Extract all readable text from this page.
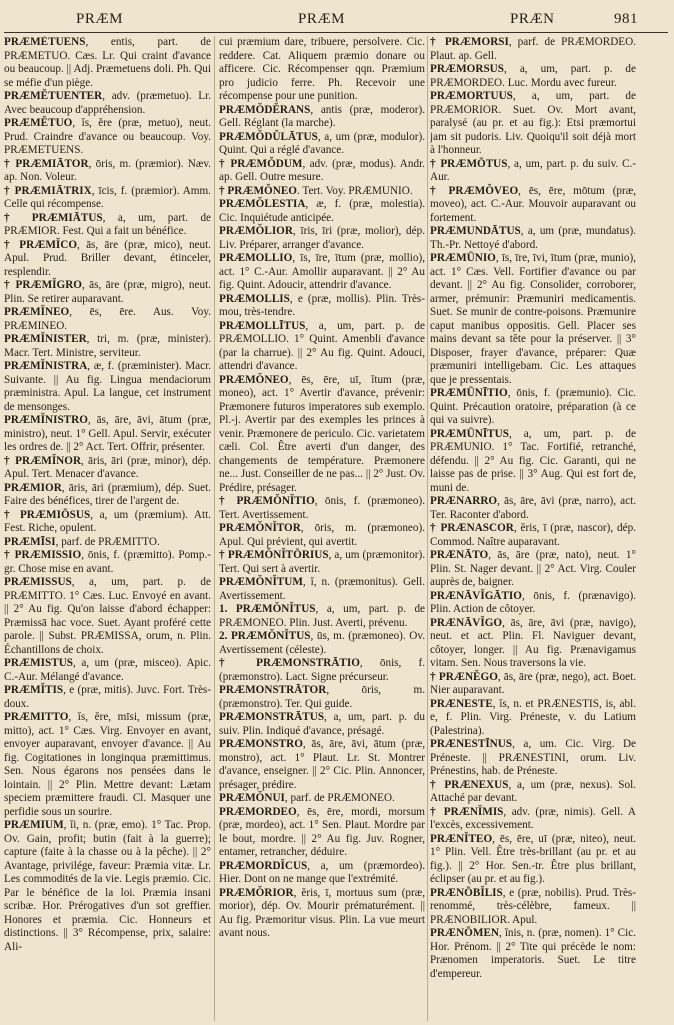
PRÆM	PRÆM	PRÆN	981

PRÆMĔTUENS, entis, part. de PRÆMETUO. Cæs. Lr. Qui craint d'avance ou beaucoup. || Adj. Præmetuens doli. Ph. Qui se méfie d'un piège.

PRÆMĔTUENTER, adv. (præmetuo). Lr. Avec beaucoup d'appréhension.

PRÆMĔTUO, ĭs, ĕre (præ, metuo), neut. Prud. Craindre d'avance ou beaucoup. Voy. PRÆMETUENS.

† PRÆMIĀTOR, ōris, m. (præmior). Næv. ap. Non. Voleur.

† PRÆMIĀTRIX, īcis, f. (præmior). Amm. Celle qui récompense.

† PRÆMIĀTUS, a, um, part. de PRÆMIOR. Fest. Qui a fait un bénéfice.

† PRÆMĬCO, ās, āre (præ, mico), neut. Apul. Prud. Briller devant, étinceler, resplendir.

† PRÆMĬGRO, ās, āre (præ, migro), neut. Plin. Se retirer auparavant.

PRÆMĬNEO, ēs, ēre. Aus. Voy. PRÆMINEO.

PRÆMĬNISTER, tri, m. (præ, minister). Macr. Tert. Ministre, serviteur.

PRÆMĬNISTRA, æ, f. (præminister). Macr. Suivante. || Au fig. Lingua mendaciorum præministra. Apul. La langue, cet instrument de mensonges.

PRÆMĬNISTRO, ās, āre, āvi, ātum (præ, ministro), neut. 1° Gell. Apul. Servir, exécuter les ordres de. || 2° Act. Tert. Offrir, présenter.

† PRÆMĬNOR, āris, āri (præ, minor), dép. Apul. Tert. Menacer d'avance.

PRÆMIOR, āris, āri (præmium), dép. Suet. Faire des bénéfices, tirer de l'argent de.

† PRÆMIŌSUS, a, um (præmium). Att. Fest. Riche, opulent.

PRÆMĪSI, parf. de PRÆMITTO.

† PRÆMISSIO, ōnis, f. (præmitto). Pomp.-gr. Chose mise en avant.

PRÆMISSUS, a, um, part. p. de PRÆMITTO. 1° Cæs. Luc. Envoyé en avant. || 2° Au fig. Qu'on laisse d'abord échapper: Præmissā hac voce. Suet. Ayant proféré cette parole. || Subst. PRÆMISSA, orum, n. Plin. Échantillons de choix.

PRÆMISTUS, a, um (præ, misceo). Apic. C.-Aur. Mélangé d'avance.

PRÆMĬTIS, e (præ, mitis). Juvc. Fort. Très-doux.

PRÆMITTO, ĭs, ĕre, mīsi, missum (præ, mitto), act. 1° Cæs. Virg. Envoyer en avant, envoyer auparavant, envoyer d'avance. || Au fig. Cogitationes in longinqua præmittimus. Sen. Nous égarons nos pensées dans le lointain. || 2° Plin. Mettre devant: Lætam speciem præmittere fraudi. Cl. Masquer une perfidie sous un sourire.

PRÆMIUM, ĭi, n. (præ, emo). 1° Tac. Prop. Ov. Gain, profit; butin (fait à la guerre); capture (faite à la chasse ou à la pêche). || 2° Avantage, privilége, faveur: Præmia vitæ. Lr. Les commodités de la vie. Legis præmio. Cic. Par le bénéfice de la loi. Præmia insani scribæ. Hor. Prérogatives d'un sot greffier. Honores et præmia. Cic. Honneurs et distinctions. || 3° Récompense, prix, salaire: Ali-

cui præmium dare, tribuere, persolvere. Cic. reddere. Cat. Aliquem præmio donare ou afficere. Cic. Récompenser qqn. Præmium pro judicio ferre. Ph. Recevoir une récompense pour une punition.

PRÆMŎDĔRANS, antis (præ, moderor). Gell. Réglant (la marche).

PRÆMŎDŬLĀTUS, a, um (præ, modulor). Quint. Qui a réglé d'avance.

† PRÆMŎDUM, adv. (præ, modus). Andr. ap. Gell. Outre mesure.

† PRÆMŎNEO. Tert. Voy. PRÆMUNIO.

PRÆMŎLESTIA, æ, f. (præ, molestia). Cic. Inquiétude anticipée.

PRÆMŎLIOR, īris, īri (præ, molior), dép. Liv. Préparer, arranger d'avance.

PRÆMOLLIO, īs, īre, ītum (præ, mollio), act. 1° C.-Aur. Amollir auparavant. || 2° Au fig. Quint. Adoucir, attendrir d'avance.

PRÆMOLLIS, e (præ, mollis). Plin. Très-mou, très-tendre.

PRÆMOLLĪTUS, a, um, part. p. de PRÆMOLLIO. 1° Quint. Amenbli d'avance (par la charrue). || 2° Au fig. Quint. Adouci, attendri d'avance.

PRÆMŎNEO, ēs, ēre, uī, ĭtum (præ, moneo), act. 1° Avertir d'avance, prévenir: Præmonere futuros imperatores sub exemplo. Pl.-j. Avertir par des exemples les princes à venir. Præmonere de periculo. Cic. varietatem cæli. Col. Être averti d'un danger, des changements de température. Præmonere ne... Just. Conseiller de ne pas... || 2° Just. Ov. Prédire, présager.

† PRÆMŎNĬTIO, ōnis, f. (præmoneo). Tert. Avertissement.

PRÆMŎNĬTOR, ōris, m. (præmoneo). Apul. Qui prévient, qui avertit.

† PRÆMŎNĬTŌRIUS, a, um (præmonitor). Tert. Qui sert à avertir.

PRÆMŎNĬTUM, ĭ, n. (præmonitus). Gell. Avertissement.

1. PRÆMŎNĬTUS, a, um, part. p. de PRÆMONEO. Plin. Just. Averti, prévenu.

2. PRÆMŎNĬTUS, ūs, m. (præmoneo). Ov. Avertissement (céleste).

† PRÆMONSTRĀTIO, ōnis, f. (præmonstro). Lact. Signe précurseur.

PRÆMONSTRĀTOR, ōris, m. (præmonstro). Ter. Qui guide.

PRÆMONSTRĀTUS, a, um, part. p. du suiv. Plin. Indiqué d'avance, présagé.

PRÆMONSTRO, ās, āre, āvi, ātum (præ, monstro), act. 1° Plaut. Lr. St. Montrer d'avance, enseigner. || 2° Cic. Plin. Annoncer, présager, prédire.

PRÆMŎNUI, parf. de PRÆMONEO.

PRÆMORDEO, ēs, ēre, mordi, morsum (præ, mordeo), act. 1° Sen. Plaut. Mordre par le bout, mordre. || 2° Au fig. Juv. Rogner, entamer, retrancher, déduire.

PRÆMORDĬCUS, a, um (præmordeo). Hier. Dont on ne mange que l'extrémité.

PRÆMŎRIOR, ĕris, ī, mortuus sum (præ, morior), dép. Ov. Mourir prématurément. || Au fig. Præmoritur visus. Plin. La vue meurt avant nous.

† PRÆMORSI, parf. de PRÆMORDEO. Plaut. ap. Gell.

PRÆMORSUS, a, um, part. p. de PRÆMORDEO. Luc. Mordu avec fureur.

PRÆMORTUUS, a, um, part. de PRÆMORIOR. Suet. Ov. Mort avant, paralysé (au pr. et au fig.): Etsi præmortui jam sit pudoris. Liv. Quoiqu'il soit déjà mort à l'honneur.

† PRÆMŌTUS, a, um, part. p. du suiv. C.-Aur.

† PRÆMŎVEO, ēs, ēre, mōtum (præ, moveo), act. C.-Aur. Mouvoir auparavant ou fortement.

PRÆMUNDĀTUS, a, um (præ, mundatus). Th.-Pr. Nettoyé d'abord.

PRÆMŪNIO, īs, īre, īvi, ītum (præ, munio), act. 1° Cæs. Vell. Fortifier d'avance ou par devant. || 2° Au fig. Consolider, corroborer, armer, prémunir: Præmuniri medicamentis. Suet. Se munir de contre-poisons. Præmunire caput manibus oppositis. Gell. Placer ses mains devant sa tête pour la préserver. || 3° Disposer, frayer d'avance, préparer: Quæ præmuniri intelligebam. Cic. Les attaques que je pressentais.

PRÆMŪNĪTIO, ōnis, f. (præmunio). Cic. Quint. Précaution oratoire, préparation (à ce qui va suivre).

PRÆMŪNĪTUS, a, um, part. p. de PRÆMUNIO. 1° Tac. Fortifié, retranché, défendu. || 2° Au fig. Cic. Garanti, qui ne laisse pas de prise. || 3° Aug. Qui est fort de, muni de.

PRÆNARRO, ās, āre, āvi (præ, narro), act. Ter. Raconter d'abord.

† PRÆNASCOR, ĕris, ī (præ, nascor), dép. Commod. Naître auparavant.

PRÆNĀTO, ās, āre (præ, nato), neut. 1° Plin. St. Nager devant. || 2° Act. Virg. Couler auprès de, baigner.

PRÆNĀVĬGĀTIO, ōnis, f. (prænavigo). Plin. Action de côtoyer.

PRÆNĀVĬGO, ās, āre, āvi (præ, navigo), neut. et act. Plin. Fl. Naviguer devant, côtoyer, longer. || Au fig. Prænavigamus vitam. Sen. Nous traversons la vie.

† PRÆNĔGO, ās, āre (præ, nego), act. Boet. Nier auparavant.

PRÆNESTE, ĭs, n. et PRÆNESTIS, is, abl. e, f. Plin. Virg. Préneste, v. du Latium (Palestrina).

PRÆNESTĪNUS, a, um. Cic. Virg. De Préneste. || PRÆNESTINI, orum. Liv. Prénestins, hab. de Préneste.

† PRÆNEXUS, a, um (præ, nexus). Sol. Attaché par devant.

† PRÆNĬMIS, adv. (præ, nimis). Gell. A l'excès, excessivement.

PRÆNĬTEO, ēs, ēre, uī (præ, niteo), neut. 1° Plin. Vell. Être très-brillant (au pr. et au fig.). || 2° Hor. Sen.-tr. Être plus brillant, éclipser (au pr. et au fig.).

PRÆNŌBĬLIS, e (præ, nobilis). Prud. Très-renommé, très-célèbre, fameux. || PRÆNOBILIOR. Apul.

PRÆNŌMEN, ĭnis, n. (præ, nomen). 1° Cic. Hor. Prénom. || 2° Tite qui précède le nom: Prænomen imperatoris. Suet. Le titre d'empereur.
